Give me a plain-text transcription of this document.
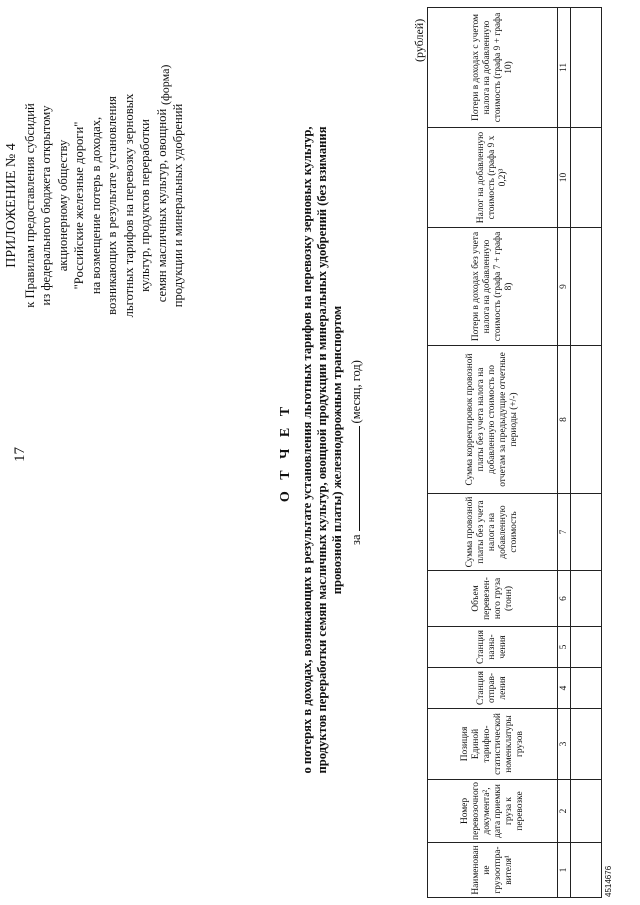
17
ПРИЛОЖЕНИЕ № 4 к Правилам предоставления субсидий из федерального бюджета открытому акционерному обществу "Российские железные дороги" на возмещение потерь в доходах, возникающих в результате установления льготных тарифов на перевозку зерновых культур, продуктов переработки семян масличных культур, овощной продукции и минеральных удобрений
(форма)
О Т Ч Е Т о потерях в доходах, возникающих в результате установления льготных тарифов на перевозку зерновых культур, продуктов переработки семян масличных культур, овощной продукции и минеральных удобрений (без взимания провозной платы) железнодорожным транспортом за(месяц, год)
(рублей)
Наименование грузоотпра-вителя¹	Номер перевозочного документа², дата приемки груза к перевозке	Позиция Единой тарифно-статистической номенклатуры грузов	Станция отправ-ления	Станция назна-чения	Объем перевезен-ного груза (тонн)	Сумма провозной платы без учета налога на добавленную стоимость	Сумма корректировок провозной платы без учета налога на добавленную стоимость по отчетам за предыдущие отчетные периоды (+/-)	Потери в доходах без учета налога на добавленную стоимость (графа 7 + графа 8)	Налог на добавленную стоимость (графа 9 x 0,2)³	Потери в доходах с учетом налога на добавленную стоимость (графа 9 + графа 10)
1	2	3	4	5	6	7	8	9	10	11

4514676
